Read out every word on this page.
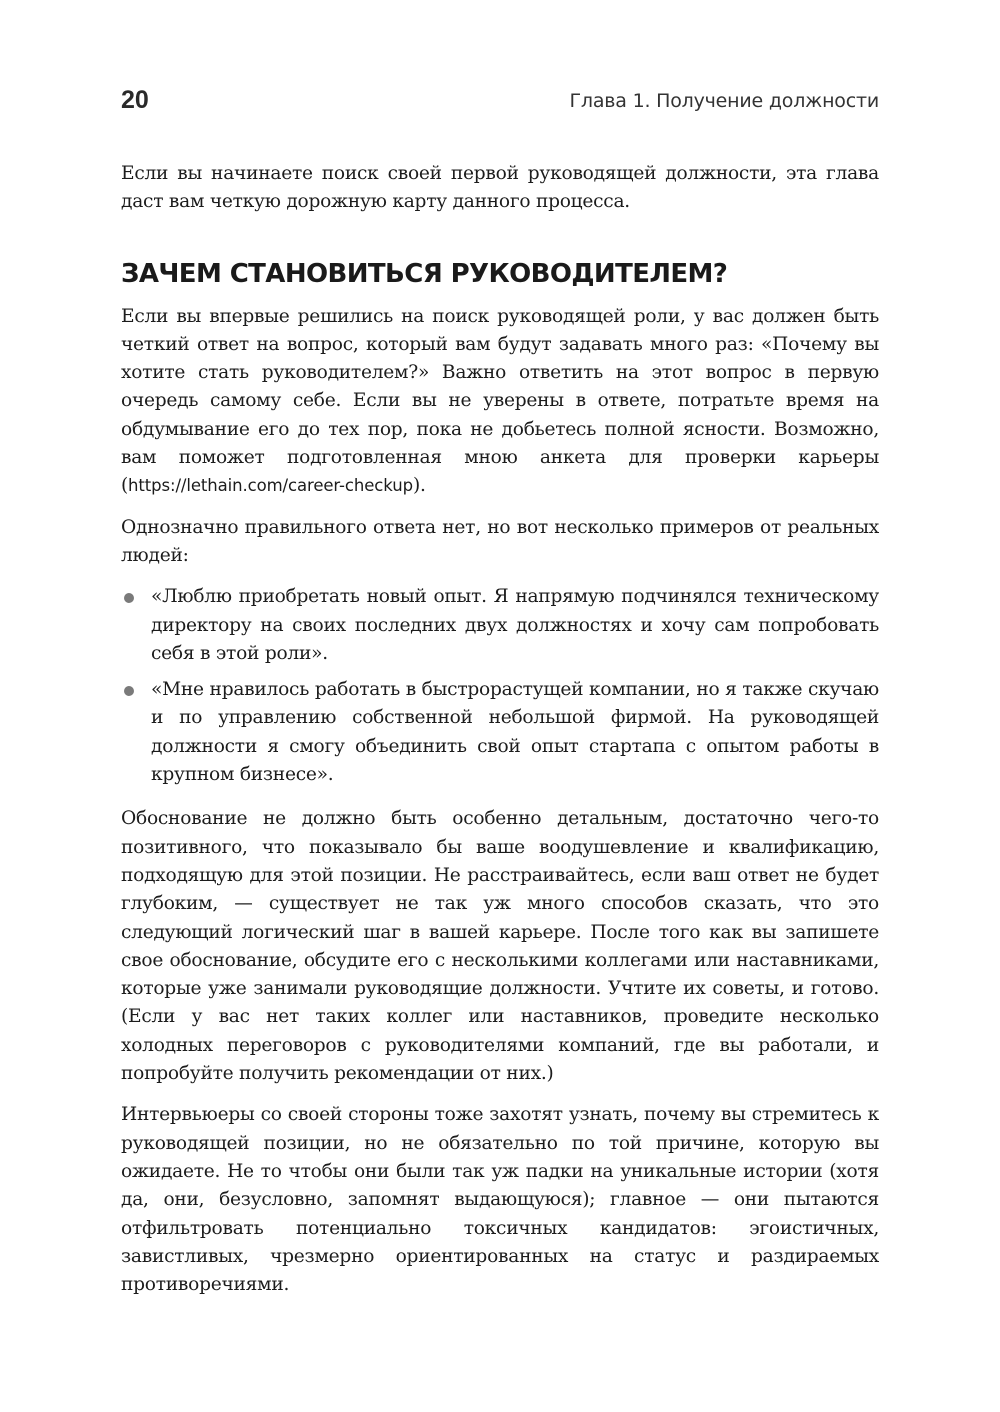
20	Глава 1. Получение должности

Если вы начинаете поиск своей первой руководящей должности, эта глава даст вам четкую дорожную карту данного процесса.

ЗАЧЕМ СТАНОВИТЬСЯ РУКОВОДИТЕЛЕМ?

Если вы впервые решились на поиск руководящей роли, у вас должен быть четкий ответ на вопрос, который вам будут задавать много раз: «Почему вы хотите стать руководителем?» Важно ответить на этот вопрос в первую очередь самому себе. Если вы не уверены в ответе, потратьте время на обдумывание его до тех пор, пока не добьетесь полной ясности. Возможно, вам поможет подготовленная мною анкета для проверки карьеры (https://lethain.com/career-checkup).

Однозначно правильного ответа нет, но вот несколько примеров от реальных людей:

«Люблю приобретать новый опыт. Я напрямую подчинялся техническому директору на своих последних двух должностях и хочу сам попробовать себя в этой роли».

«Мне нравилось работать в быстрорастущей компании, но я также скучаю и по управлению собственной небольшой фирмой. На руководящей должности я смогу объединить свой опыт стартапа с опытом работы в крупном бизнесе».

Обоснование не должно быть особенно детальным, достаточно чего-то позитивного, что показывало бы ваше воодушевление и квалификацию, подходящую для этой позиции. Не расстраивайтесь, если ваш ответ не будет глубоким, — существует не так уж много способов сказать, что это следующий логический шаг в вашей карьере. После того как вы запишете свое обоснование, обсудите его с несколькими коллегами или наставниками, которые уже занимали руководящие должности. Учтите их советы, и готово. (Если у вас нет таких коллег или наставников, проведите несколько холодных переговоров с руководителями компаний, где вы работали, и попробуйте получить рекомендации от них.)

Интервьюеры со своей стороны тоже захотят узнать, почему вы стремитесь к руководящей позиции, но не обязательно по той причине, которую вы ожидаете. Не то чтобы они были так уж падки на уникальные истории (хотя да, они, безусловно, запомнят выдающуюся); главное — они пытаются отфильтровать потенциально токсичных кандидатов: эгоистичных, завистливых, чрезмерно ориентированных на статус и раздираемых противоречиями.
